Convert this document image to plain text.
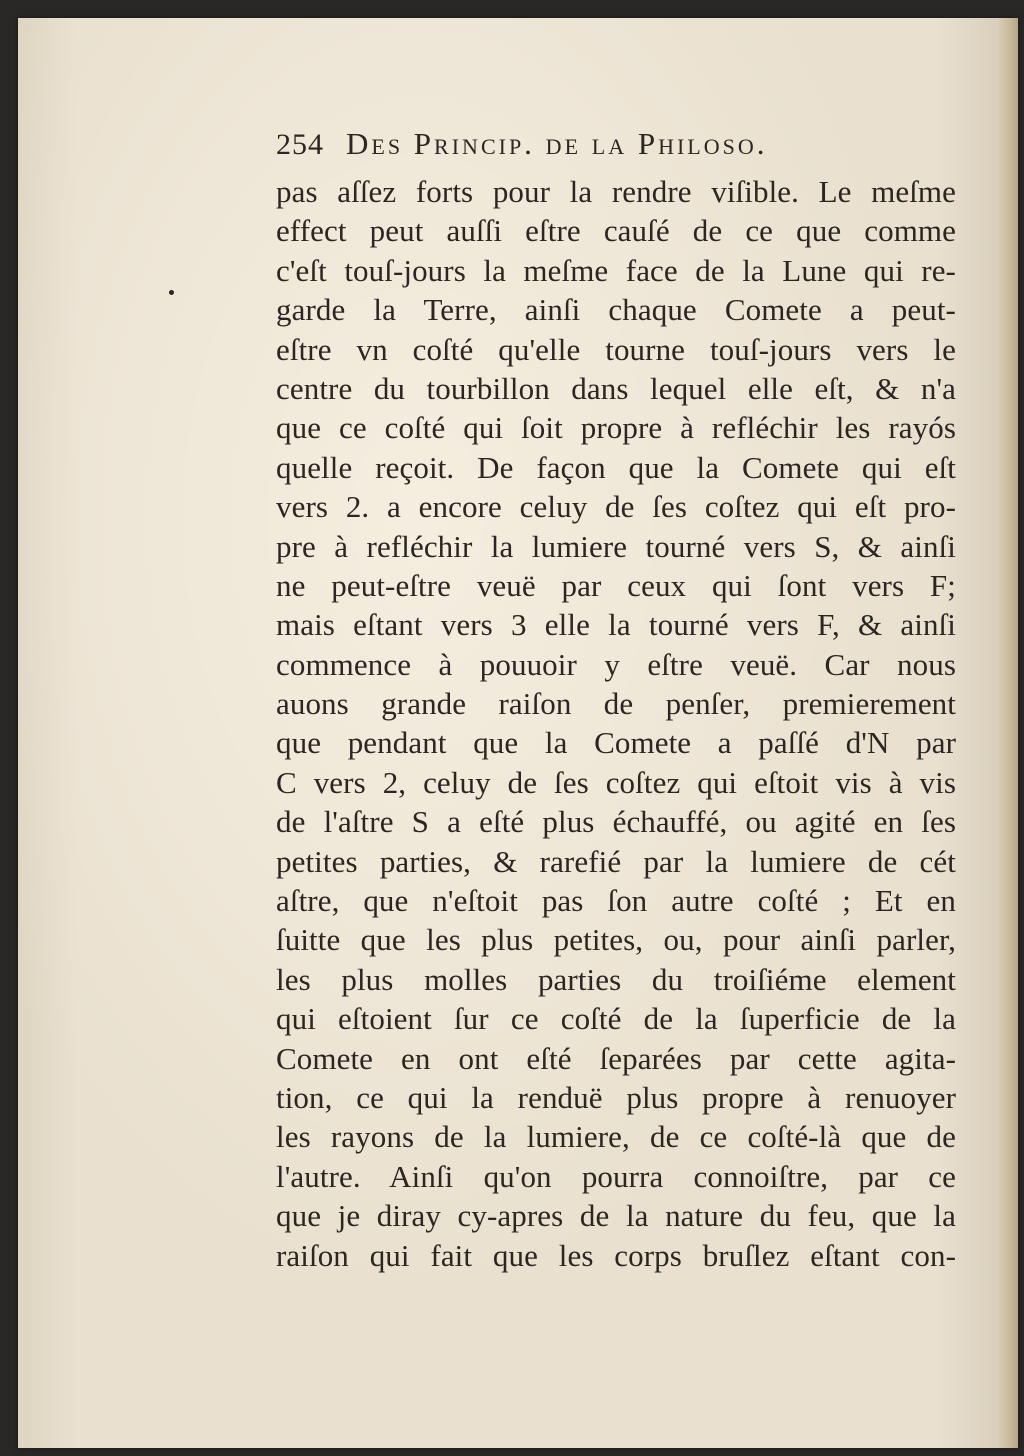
254 Des Princip. de la Philoso.
pas aſſez forts pour la rendre viſible. Le meſme
effect peut auſſi eſtre cauſé de ce que comme
c'eſt touſ-jours la meſme face de la Lune qui re-
garde la Terre, ainſi chaque Comete a peut-
eſtre vn coſté qu'elle tourne touſ-jours vers le
centre du tourbillon dans lequel elle eſt, & n'a
que ce coſté qui ſoit propre à refléchir les rayós
quelle reçoit. De façon que la Comete qui eſt
vers 2. a encore celuy de ſes coſtez qui eſt pro-
pre à refléchir la lumiere tourné vers S, & ainſi
ne peut-eſtre veuë par ceux qui ſont vers F;
mais eſtant vers 3 elle la tourné vers F, & ainſi
commence à pouuoir y eſtre veuë. Car nous
auons grande raiſon de penſer, premierement
que pendant que la Comete a paſſé d'N par
C vers 2, celuy de ſes coſtez qui eſtoit vis à vis
de l'aſtre S a eſté plus échauffé, ou agité en ſes
petites parties, & rarefié par la lumiere de cét
aſtre, que n'eſtoit pas ſon autre coſté ; Et en
ſuitte que les plus petites, ou, pour ainſi parler,
les plus molles parties du troiſiéme element
qui eſtoient ſur ce coſté de la ſuperficie de la
Comete en ont eſté ſeparées par cette agita-
tion, ce qui la renduë plus propre à renuoyer
les rayons de la lumiere, de ce coſté-là que de
l'autre. Ainſi qu'on pourra connoiſtre, par ce
que je diray cy-apres de la nature du feu, que la
raiſon qui fait que les corps bruſlez eſtant con-
